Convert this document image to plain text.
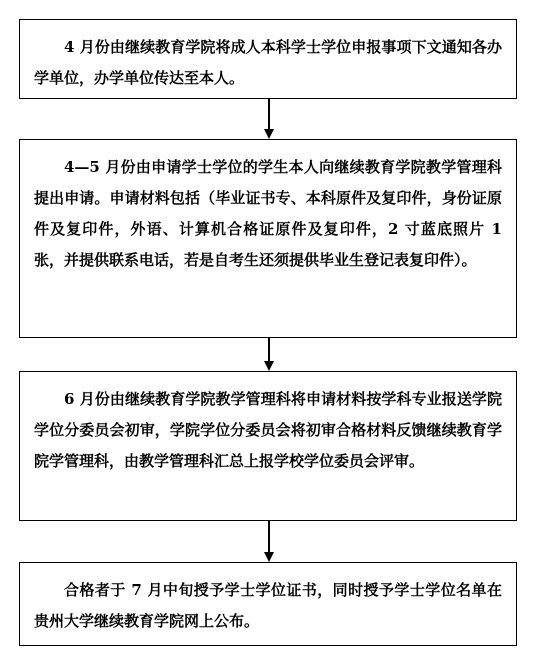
4 月份由继续教育学院将成人本科学士学位申报事项下文通知各办学单位，办学单位传达至本人。
4—5 月份由申请学士学位的学生本人向继续教育学院教学管理科提出申请。申请材料包括（毕业证书专、本科原件及复印件，身份证原件及复印件，外语、计算机合格证原件及复印件，2 寸蓝底照片 1 张，并提供联系电话，若是自考生还须提供毕业生登记表复印件）。
6 月份由继续教育学院教学管理科将申请材料按学科专业报送学院学位分委员会初审，学院学位分委员会将初审合格材料反馈继续教育学院学管理科，由教学管理科汇总上报学校学位委员会评审。
合格者于 7 月中旬授予学士学位证书，同时授予学士学位名单在贵州大学继续教育学院网上公布。
